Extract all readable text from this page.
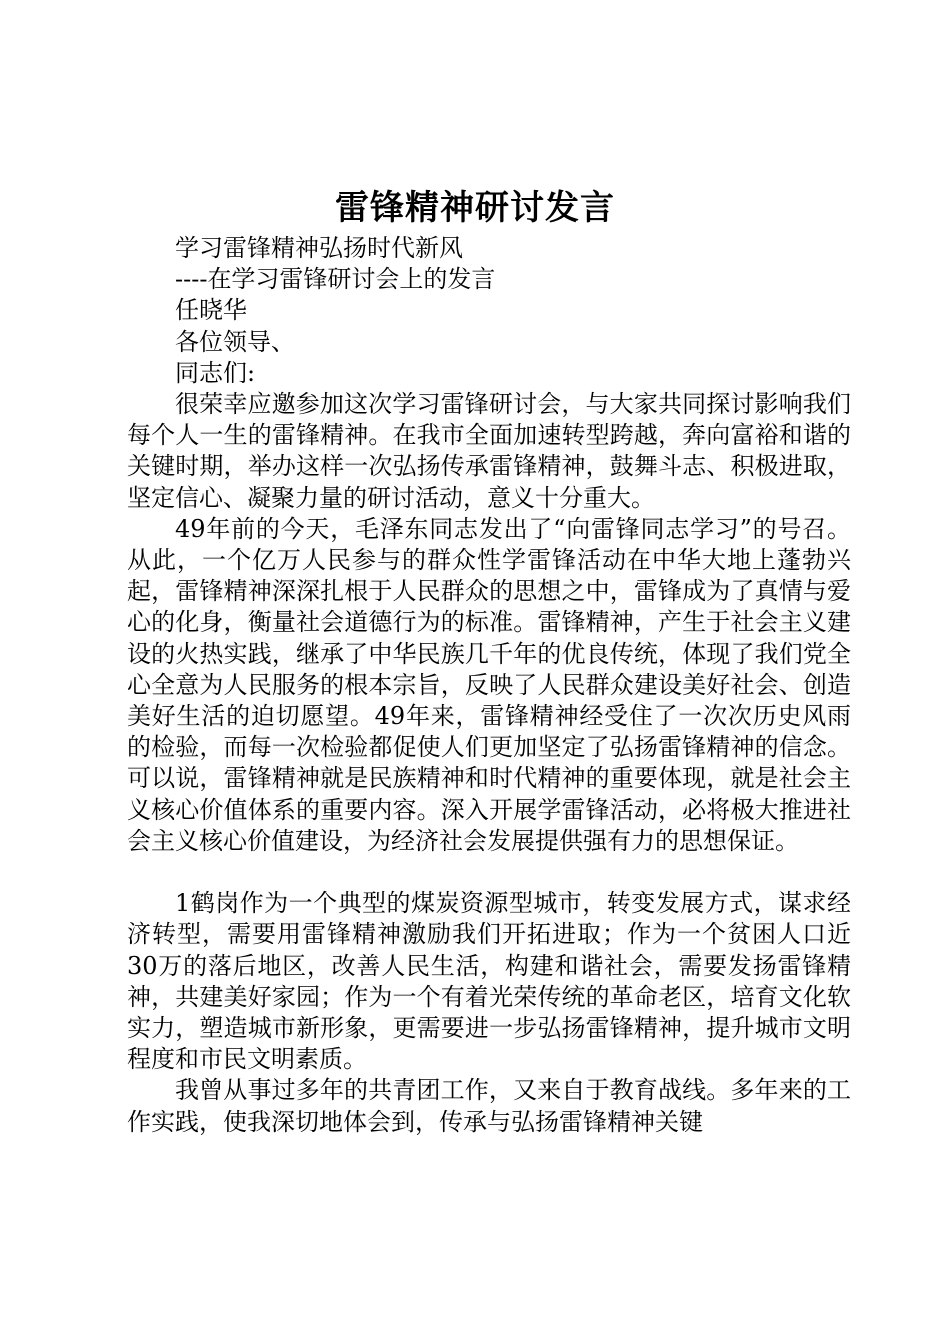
雷锋精神研讨发言

学习雷锋精神弘扬时代新风

----在学习雷锋研讨会上的发言

任晓华

各位领导、

同志们:

很荣幸应邀参加这次学习雷锋研讨会，与大家共同探讨影响我们每个人一生的雷锋精神。在我市全面加速转型跨越，奔向富裕和谐的关键时期，举办这样一次弘扬传承雷锋精神，鼓舞斗志、积极进取，坚定信心、凝聚力量的研讨活动，意义十分重大。

49年前的今天，毛泽东同志发出了“向雷锋同志学习”的号召。从此，一个亿万人民参与的群众性学雷锋活动在中华大地上蓬勃兴起，雷锋精神深深扎根于人民群众的思想之中，雷锋成为了真情与爱心的化身，衡量社会道德行为的标准。雷锋精神，产生于社会主义建设的火热实践，继承了中华民族几千年的优良传统，体现了我们党全心全意为人民服务的根本宗旨，反映了人民群众建设美好社会、创造美好生活的迫切愿望。49年来，雷锋精神经受住了一次次历史风雨的检验，而每一次检验都促使人们更加坚定了弘扬雷锋精神的信念。可以说，雷锋精神就是民族精神和时代精神的重要体现，就是社会主义核心价值体系的重要内容。深入开展学雷锋活动，必将极大推进社会主义核心价值建设，为经济社会发展提供强有力的思想保证。

1鹤岗作为一个典型的煤炭资源型城市，转变发展方式，谋求经济转型，需要用雷锋精神激励我们开拓进取；作为一个贫困人口近30万的落后地区，改善人民生活，构建和谐社会，需要发扬雷锋精神，共建美好家园；作为一个有着光荣传统的革命老区，培育文化软实力，塑造城市新形象，更需要进一步弘扬雷锋精神，提升城市文明程度和市民文明素质。

我曾从事过多年的共青团工作，又来自于教育战线。多年来的工作实践，使我深切地体会到，传承与弘扬雷锋精神关键
